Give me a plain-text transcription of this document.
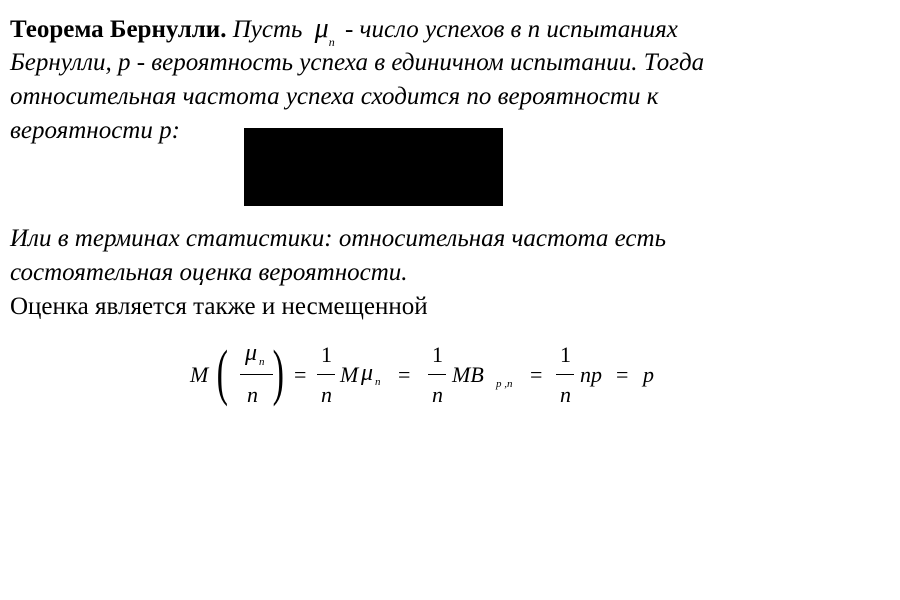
Теорема Бернулли. Пусть $\mu_n$ - число успехов в n испытаниях
Бернулли, p - вероятность успеха в единичном испытании. Тогда
относительная частота успеха сходится по вероятности к
вероятности p:
Или в терминах статистики: относительная частота есть
состоятельная оценка вероятности.
Оценка является также и несмещенной
M ( μ n
n ) =
1
n
M μ n =
1
n
MB p ,n =
1
n
np = p
